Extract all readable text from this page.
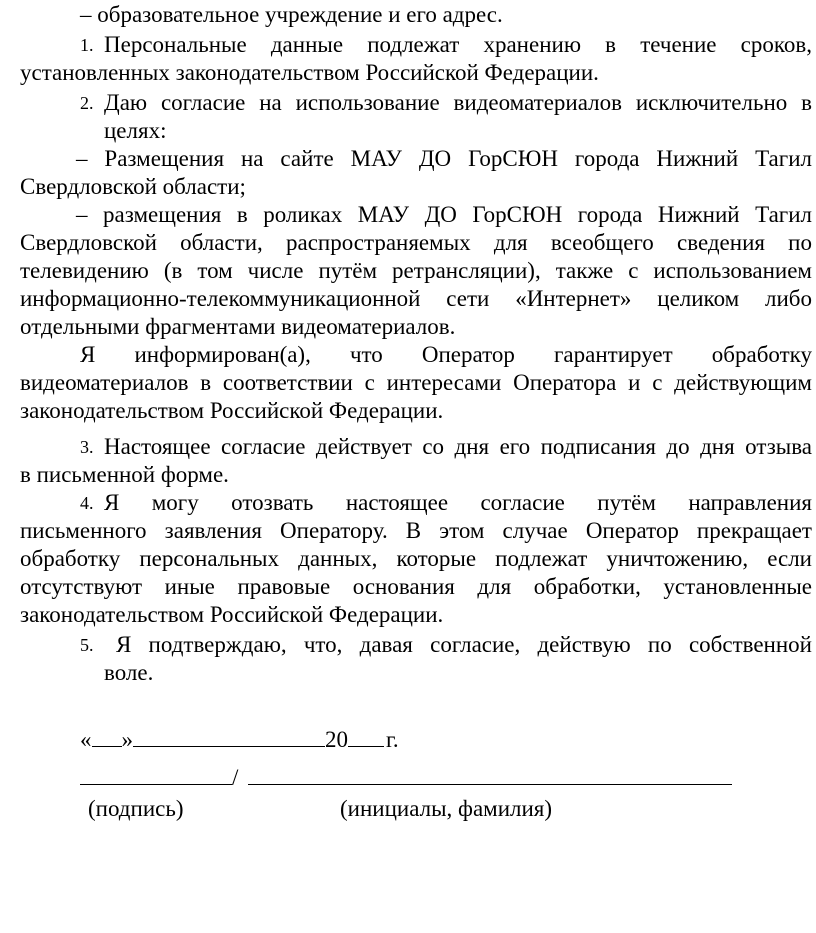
– образовательное учреждение и его адрес.
1. Персональные данные подлежат хранению в течение сроков,
установленных законодательством Российской Федерации.
2. Даю согласие на использование видеоматериалов исключительно в
целях:
– Размещения на сайте МАУ ДО ГорСЮН города Нижний Тагил
Свердловской области;
– размещения в роликах МАУ ДО ГорСЮН города Нижний Тагил
Свердловской области, распространяемых для всеобщего сведения по
телевидению (в том числе путём ретрансляции), также с использованием
информационно-телекоммуникационной сети «Интернет» целиком либо
отдельными фрагментами видеоматериалов.
Я информирован(а), что Оператор гарантирует обработку
видеоматериалов в соответствии с интересами Оператора и с действующим
законодательством Российской Федерации.
3. Настоящее согласие действует со дня его подписания до дня отзыва
в письменной форме.
4. Я могу отозвать настоящее согласие путём направления
письменного заявления Оператору. В этом случае Оператор прекращает
обработку персональных данных, которые подлежат уничтожению, если
отсутствуют иные правовые основания для обработки, установленные
законодательством Российской Федерации.
5. Я подтверждаю, что, давая согласие, действую по собственной
воле.
« »	20 г.
/
(подпись)	(инициалы, фамилия)
